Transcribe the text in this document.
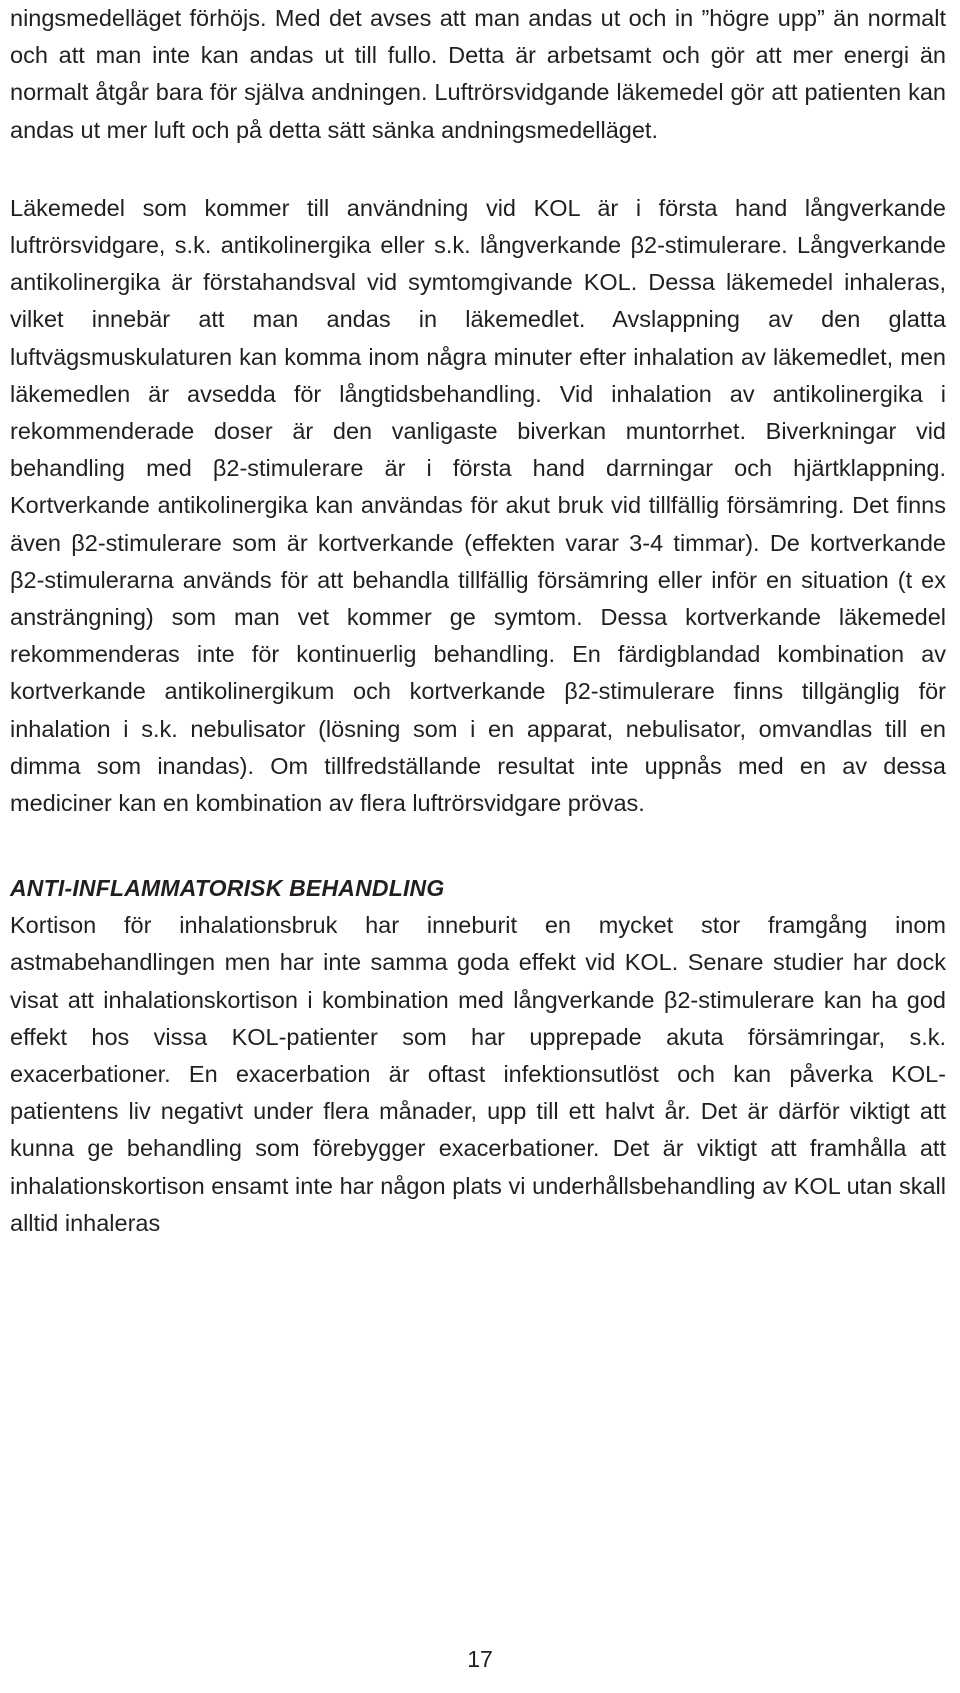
ningsmedelläget förhöjs. Med det avses att man andas ut och in ”högre upp” än normalt och att man inte kan andas ut till fullo. Detta är arbetsamt och gör att mer energi än normalt åtgår bara för själva andningen. Luftrörsvidgande läkemedel gör att patienten kan andas ut mer luft och på detta sätt sänka andningsmedelläget.

Läkemedel som kommer till användning vid KOL är i första hand långverkande luftrörsvidgare, s.k. antikolinergika eller s.k. långverkande β2-stimulerare. Långverkande antikolinergika är förstahandsval vid symtomgivande KOL. Dessa läkemedel inhaleras, vilket innebär att man andas in läkemedlet. Avslappning av den glatta luftvägsmuskulaturen kan komma inom några minuter efter inhalation av läkemedlet, men läkemedlen är avsedda för långtidsbehandling. Vid inhalation av antikolinergika i rekommenderade doser är den vanligaste biverkan muntorrhet. Biverkningar vid behandling med β2-stimulerare är i första hand darrningar och hjärtklappning. Kortverkande antikolinergika kan användas för akut bruk vid tillfällig försämring. Det finns även β2-stimulerare som är kortverkande (effekten varar 3-4 timmar). De kortverkande β2-stimulerarna används för att behandla tillfällig försämring eller inför en situation (t ex ansträngning) som man vet kommer ge symtom. Dessa kortverkande läkemedel rekommenderas inte för kontinuerlig behandling. En färdigblandad kombination av kortverkande antikolinergikum och kortverkande β2-stimulerare finns tillgänglig för inhalation i s.k. nebulisator (lösning som i en apparat, nebulisator, omvandlas till en dimma som inandas). Om tillfredställande resultat inte uppnås med en av dessa mediciner kan en kombination av flera luftrörsvidgare prövas.

ANTI-INFLAMMATORISK BEHANDLING

Kortison för inhalationsbruk har inneburit en mycket stor framgång inom astmabehandlingen men har inte samma goda effekt vid KOL. Senare studier har dock visat att inhalationskortison i kombination med långverkande β2-stimulerare kan ha god effekt hos vissa KOL-patienter som har upprepade akuta försämringar, s.k. exacerbationer. En exacerbation är oftast infektionsutlöst och kan påverka KOL-patientens liv negativt under flera månader, upp till ett halvt år. Det är därför viktigt att kunna ge behandling som förebygger exacerbationer. Det är viktigt att framhålla att inhalationskortison ensamt inte har någon plats vi underhållsbehandling av KOL utan skall alltid inhaleras

17
